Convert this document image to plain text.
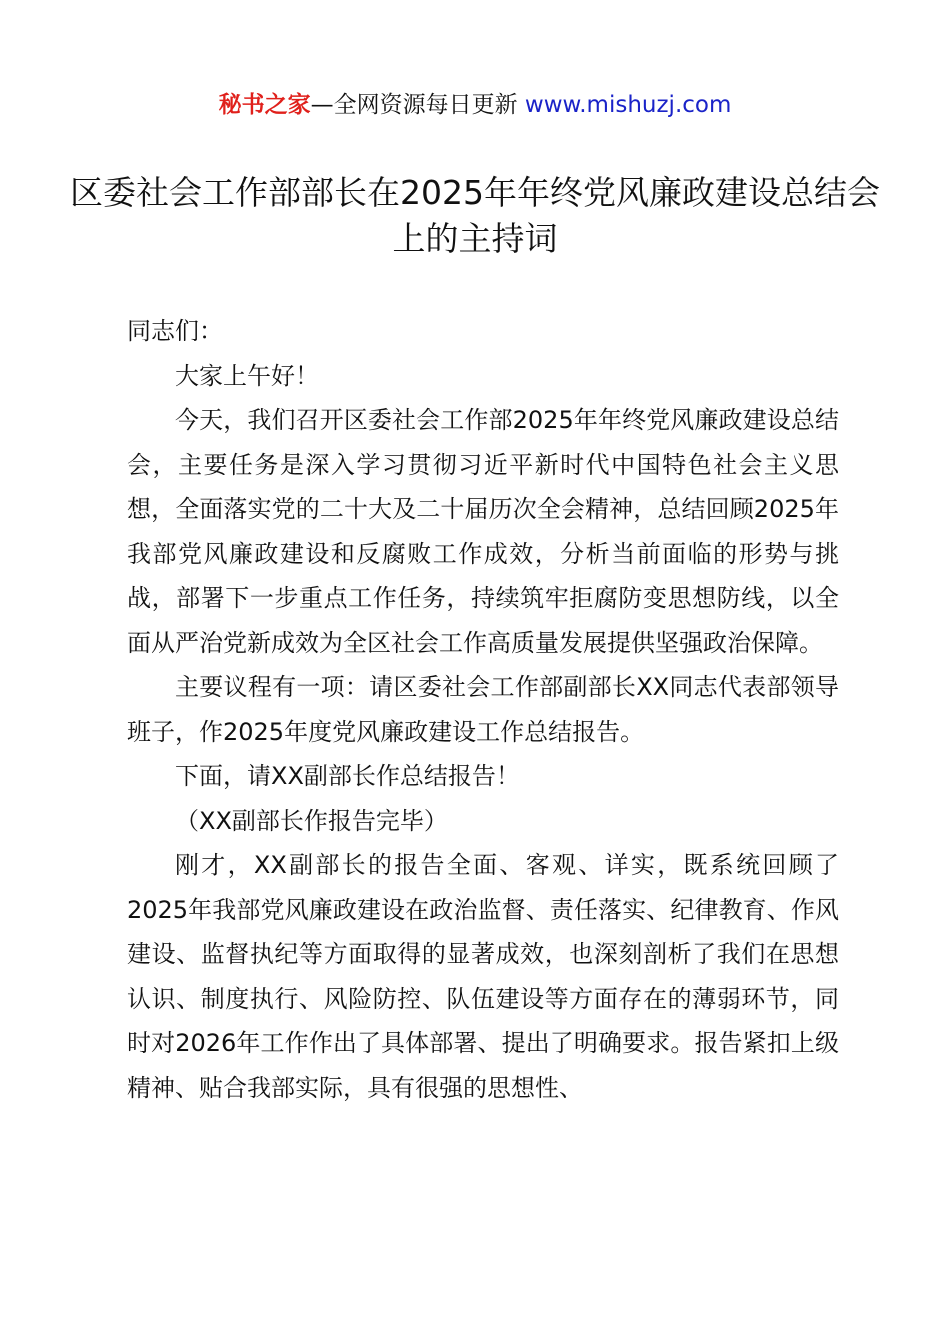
秘书之家—全网资源每日更新 www.mishuzj.com
区委社会工作部部长在2025年年终党风廉政建设总结会上的主持词

同志们：

大家上午好！

今天，我们召开区委社会工作部2025年年终党风廉政建设总结会，主要任务是深入学习贯彻习近平新时代中国特色社会主义思想，全面落实党的二十大及二十届历次全会精神，总结回顾2025年我部党风廉政建设和反腐败工作成效，分析当前面临的形势与挑战，部署下一步重点工作任务，持续筑牢拒腐防变思想防线，以全面从严治党新成效为全区社会工作高质量发展提供坚强政治保障。

主要议程有一项：请区委社会工作部副部长XX同志代表部领导班子，作2025年度党风廉政建设工作总结报告。

下面，请XX副部长作总结报告！

（XX副部长作报告完毕）

刚才，XX副部长的报告全面、客观、详实，既系统回顾了2025年我部党风廉政建设在政治监督、责任落实、纪律教育、作风建设、监督执纪等方面取得的显著成效，也深刻剖析了我们在思想认识、制度执行、风险防控、队伍建设等方面存在的薄弱环节，同时对2026年工作作出了具体部署、提出了明确要求。报告紧扣上级精神、贴合我部实际，具有很强的思想性、
